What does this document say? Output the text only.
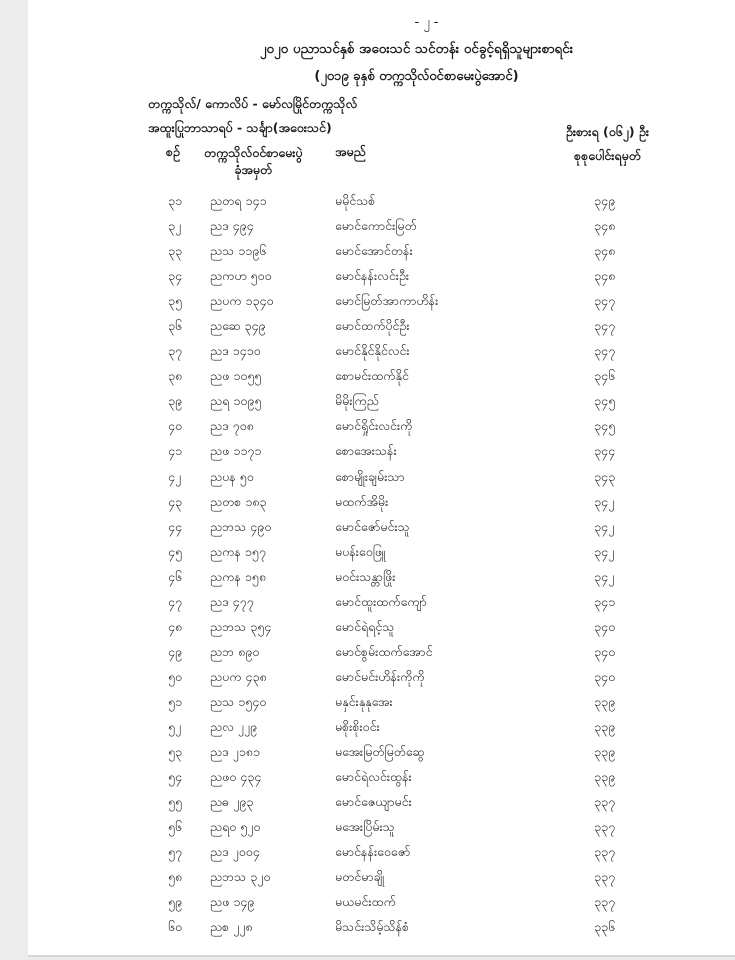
- ၂ -
၂၀၂၀ ပညာသင်နှစ် အဝေးသင် သင်တန်း ဝင်ခွင့်ရရှိသူများစာရင်း
(၂၀၁၉ ခုနှစ် တက္ကသိုလ်ဝင်စာမေးပွဲအောင်)
တက္ကသိုလ်/ ကောလိပ် - မော်လမြိုင်တက္ကသိုလ်
အထူးပြုဘာသာရပ် - သင်္ချာ(အဝေးသင်)
စဉ် တက္ကသိုလ်ဝင်စာမေးပွဲ
ခုံအမှတ်
အမည်
ဦးစားရ (၀၆၂) ဦး
စုစုပေါင်းရမှတ်
၃၁	ညတရ ၁၄၁	မမိုင်သစ်	၃၄၉
၃၂	ညဒ ၄၉၄	မောင်ကောင်းမြတ်	၃၄၈
၃၃	ညသ ၁၁၉၆	မောင်အောင်တန်း	၃၄၈
၃၄	ညကဟ ၅၀၀	မောင်နန်းလင်းဦး	၃၄၈
၃၅	ညပက ၁၃၄၀	မောင်မြတ်အာကာဟိန်း	၃၄၇
၃၆	ညဆေ ၃၄၉	မောင်ထက်ပိုင်ဦး	၃၄၇
၃၇	ညဒ ၁၄၁၀	မောင်နိုင်နိုင်လင်း	၃၄၇
၃၈	ညဖ ၁၀၅၅	စောမင်းထက်နိုင်	၃၄၆
၃၉	ညရ ၁၀၉၅	မိမိုးကြည်	၃၄၅
၄၀	ညဒ ၇၀၈	မောင်ရှိုင်းလင်းကို	၃၄၅
၄၁	ညဖ ၁၁၇၁	စောအေးသန်း	၃၄၄
၄၂	ညပန ၅၀	စောမျိုးချမ်းသာ	၃၄၃
၄၃	ညတစ ၁၈၃	မထက်အိမိုး	၃၄၂
၄၄	ညဘသ ၄၉၀	မောင်ဇော်မင်းသူ	၃၄၂
၄၅	ညကန ၁၅၇	မပန်းဝေဖြူ	၃၄၂
၄၆	ညကန ၁၅၈	မဝင်းသန္တာဖြိုး	၃၄၂
၄၇	ညဒ ၄၇၇	မောင်ထူးထက်ကျော်	၃၄၁
၄၈	ညဘသ ၃၅၄	မောင်ရဲရင့်သူ	၃၄၀
၄၉	ညဘ ၈၉၀	မောင်စွမ်းထက်အောင်	၃၄၀
၅၀	ညပက ၄၃၈	မောင်မင်းဟိန်းကိုကို	၃၄၀
၅၁	ညသ ၁၅၄၀	မနှင်းနုနုအေး	၃၃၉
၅၂	ညလ ၂၂၉	မစိုးစိုးဝင်း	၃၃၉
၅၃	ညဒ ၂၁၈၁	မအေးမြတ်မြတ်ဆွေ	၃၃၉
၅၄	ညဖဝ ၄၃၄	မောင်ရဲလင်းထွန်း	၃၃၉
၅၅	ညဓ ၂၉၃	မောင်ဇေယျာမင်း	၃၃၇
၅၆	ညရဝ ၅၂၀	မအေးပြိမ်းသူ	၃၃၇
၅၇	ညဒ ၂၀၀၄	မောင်နန်းဝေဇော်	၃၃၇
၅၈	ညဘသ ၃၂၀	မတင်မာချို	၃၃၇
၅၉	ညဖ ၁၄၉	မယမင်းထက်	၃၃၇
၆၀	ညစ ၂၂၈	မိသင်းသိမ့်သိန်စံ	၃၃၆
